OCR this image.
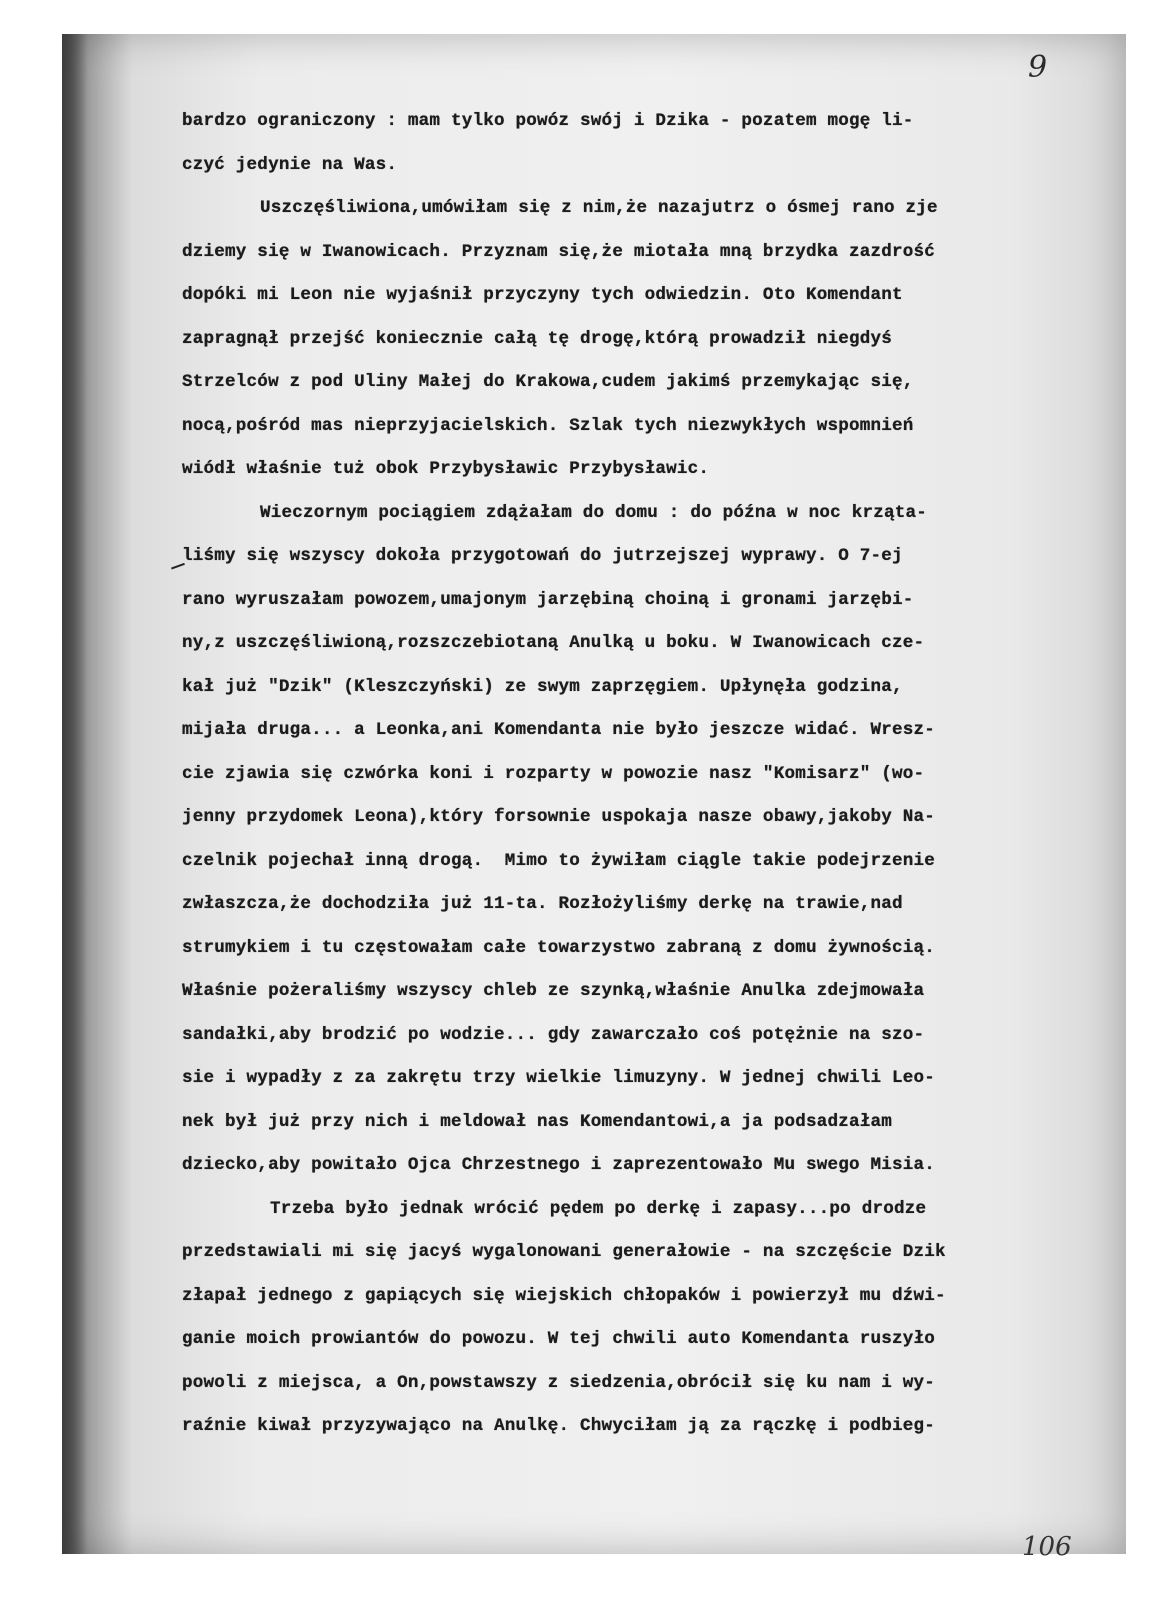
9
bardzo ograniczony : mam tylko powóz swój i Dzika - pozatem mogę li-
czyć jedynie na Was.
Uszczęśliwiona,umówiłam się z nim,że nazajutrz o ósmej rano zje
dziemy się w Iwanowicach. Przyznam się,że miotała mną brzydka zazdrość
dopóki mi Leon nie wyjaśnił przyczyny tych odwiedzin. Oto Komendant
zapragnął przejść koniecznie całą tę drogę,którą prowadził niegdyś
Strzelców z pod Uliny Małej do Krakowa,cudem jakimś przemykając się,
nocą,pośród mas nieprzyjacielskich. Szlak tych niezwykłych wspomnień
wiódł właśnie tuż obok Przybysławic Przybysławic.
Wieczornym pociągiem zdążałam do domu : do późna w noc krząta-
liśmy się wszyscy dokoła przygotowań do jutrzejszej wyprawy. O 7-ej
rano wyruszałam powozem,umajonym jarzębiną choiną i gronami jarzębi-
ny,z uszczęśliwioną,rozszczebiotaną Anulką u boku. W Iwanowicach cze-
kał już "Dzik" (Kleszczyński) ze swym zaprzęgiem. Upłynęła godzina,
mijała druga... a Leonka,ani Komendanta nie było jeszcze widać. Wresz-
cie zjawia się czwórka koni i rozparty w powozie nasz "Komisarz" (wo-
jenny przydomek Leona),który forsownie uspokaja nasze obawy,jakoby Na-
czelnik pojechał inną drogą.  Mimo to żywiłam ciągle takie podejrzenie
zwłaszcza,że dochodziła już 11-ta. Rozłożyliśmy derkę na trawie,nad
strumykiem i tu częstowałam całe towarzystwo zabraną z domu żywnością.
Właśnie pożeraliśmy wszyscy chleb ze szynką,właśnie Anulka zdejmowała
sandałki,aby brodzić po wodzie... gdy zawarczało coś potężnie na szo-
sie i wypadły z za zakrętu trzy wielkie limuzyny. W jednej chwili Leo-
nek był już przy nich i meldował nas Komendantowi,a ja podsadzałam
dziecko,aby powitało Ojca Chrzestnego i zaprezentowało Mu swego Misia.
Trzeba było jednak wrócić pędem po derkę i zapasy...po drodze
przedstawiali mi się jacyś wygalonowani generałowie - na szczęście Dzik
złapał jednego z gapiących się wiejskich chłopaków i powierzył mu dźwi-
ganie moich prowiantów do powozu. W tej chwili auto Komendanta ruszyło
powoli z miejsca, a On,powstawszy z siedzenia,obrócił się ku nam i wy-
raźnie kiwał przyzywająco na Anulkę. Chwyciłam ją za rączkę i podbieg-
106
